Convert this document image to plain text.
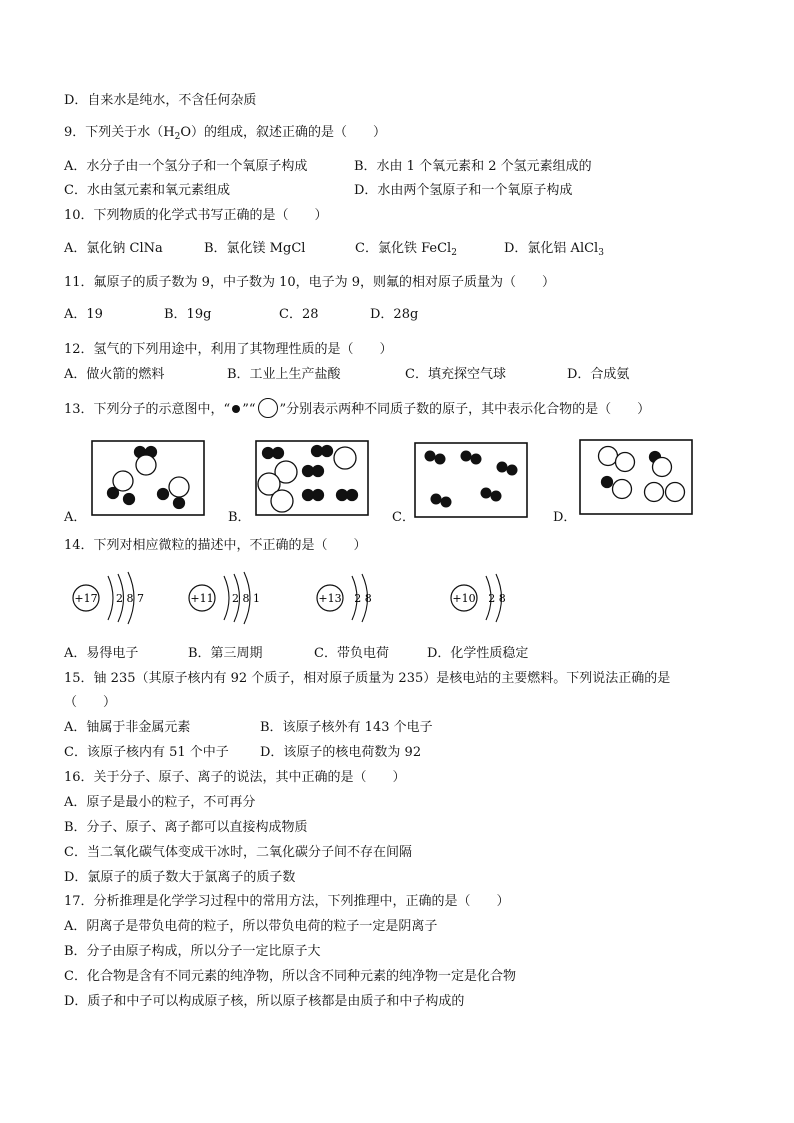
D．自来水是纯水，不含任何杂质
9．下列关于水$(H_2O)$的组成，叙述正确的是（　　）
A．水分子由一个氢分子和一个氧原子构成	B．水由 1 个氧元素和 2 个氢元素组成的
C．水由氢元素和氧元素组成	D．水由两个氢原子和一个氧原子构成
10．下列物质的化学式书写正确的是（　　）
A．氯化钠 ClNa	B．氯化镁 MgCl	C．氯化铁 FeCl$_2$	D．氯化铝 AlCl$_3$
11．氟原子的质子数为 9，中子数为 10，电子为 9，则氟的相对原子质量为（　　）
A．19	B．19g	C．28	D．28g
12．氢气的下列用途中，利用了其物理性质的是（　　）
A．做火箭的燃料	B．工业上生产盐酸	C．填充探空气球	D．合成氨
13．下列分子的示意图中，“ ”“ ”分别表示两种不同质子数的原子，其中表示化合物的是（　　）
A．	B．	C．	D．
14．下列对相应微粒的描述中，不正确的是（　　）
+17 2 8 7	+11 2 8 1	+13 2 8	+10 2 8
A．易得电子	B．第三周期	C．带负电荷	D．化学性质稳定
15．铀 235（其原子核内有 92 个质子，相对原子质量为 235）是核电站的主要燃料。下列说法正确的是
（　　）
A．铀属于非金属元素	B．该原子核外有 143 个电子
C．该原子核内有 51 个中子 D．该原子的核电荷数为 92
16．关于分子、原子、离子的说法，其中正确的是（　　）
A．原子是最小的粒子，不可再分
B．分子、原子、离子都可以直接构成物质
C．当二氧化碳气体变成干冰时，二氧化碳分子间不存在间隔
D．氯原子的质子数大于氯离子的质子数
17．分析推理是化学学习过程中的常用方法，下列推理中，正确的是（　　）
A．阴离子是带负电荷的粒子，所以带负电荷的粒子一定是阴离子
B．分子由原子构成，所以分子一定比原子大
C．化合物是含有不同元素的纯净物，所以含不同种元素的纯净物一定是化合物
D．质子和中子可以构成原子核，所以原子核都是由质子和中子构成的
